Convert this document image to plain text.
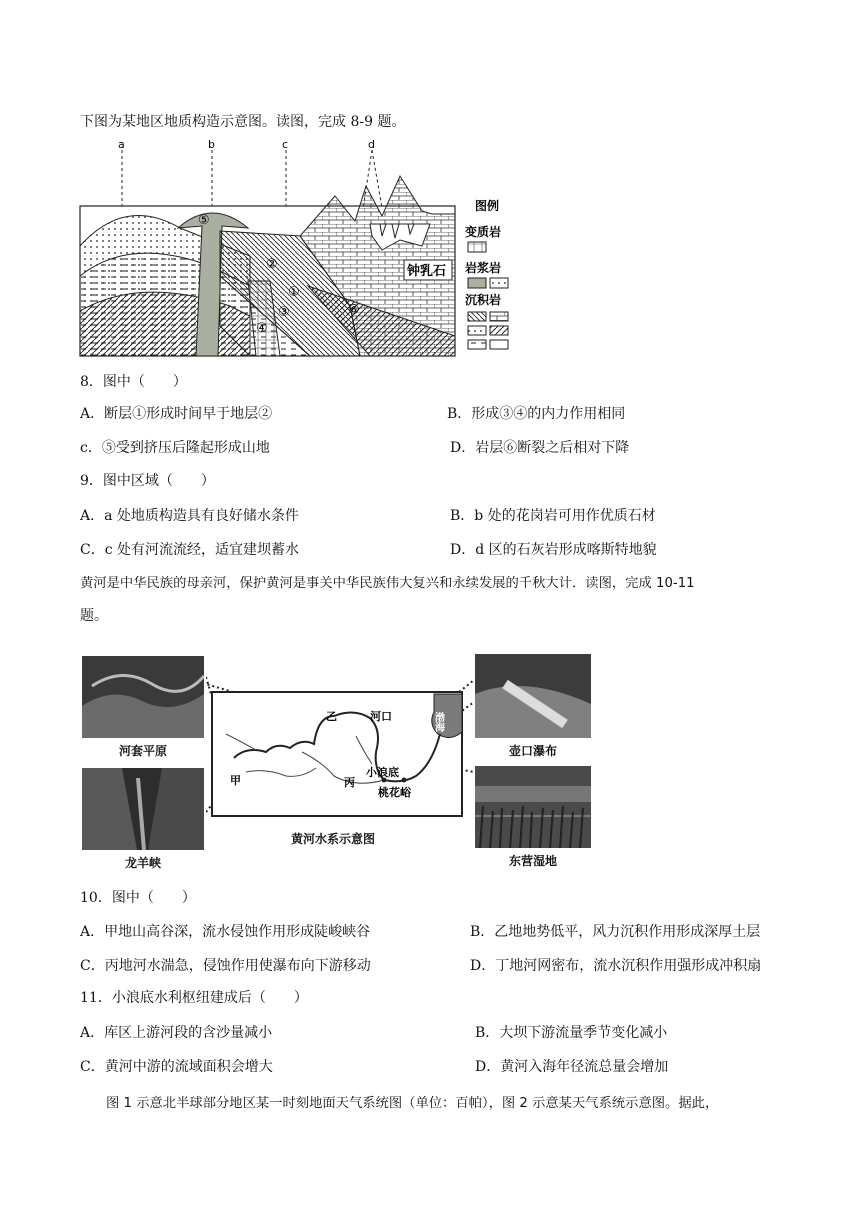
下图为某地区地质构造示意图。读图，完成 8-9 题。
a	b	c	d
⑤
②
④
③
①
⑥
钟乳石
图例
变质岩
岩浆岩
沉积岩
8．图中（　　）
A．断层①形成时间早于地层②	B．形成③④的内力作用相同
c．⑤受到挤压后隆起形成山地	D．岩层⑥断裂之后相对下降
9．图中区域（　　）
A．a 处地质构造具有良好储水条件	B．b 处的花岗岩可用作优质石材
C．c 处有河流流经，适宜建坝蓄水	D．d 区的石灰岩形成喀斯特地貌
黄河是中华民族的母亲河，保护黄河是事关中华民族伟大复兴和永续发展的千秋大计．读图，完成 10-11
题。
河套平原
龙羊峡
壶口瀑布
东营湿地
乙	河口	渤海
甲	丙
小浪底
桃花峪
黄河水系示意图
10．图中（　　）
A．甲地山高谷深，流水侵蚀作用形成陡峻峡谷	B．乙地地势低平，风力沉积作用形成深厚土层
C．丙地河水湍急，侵蚀作用使瀑布向下游移动	D．丁地河网密布，流水沉积作用强形成冲积扇
11．小浪底水利枢纽建成后（　　）
A．库区上游河段的含沙量减小	B．大坝下游流量季节变化减小
C．黄河中游的流域面积会增大	D．黄河入海年径流总量会增加
图 1 示意北半球部分地区某一时刻地面天气系统图（单位：百帕），图 2 示意某天气系统示意图。据此，
